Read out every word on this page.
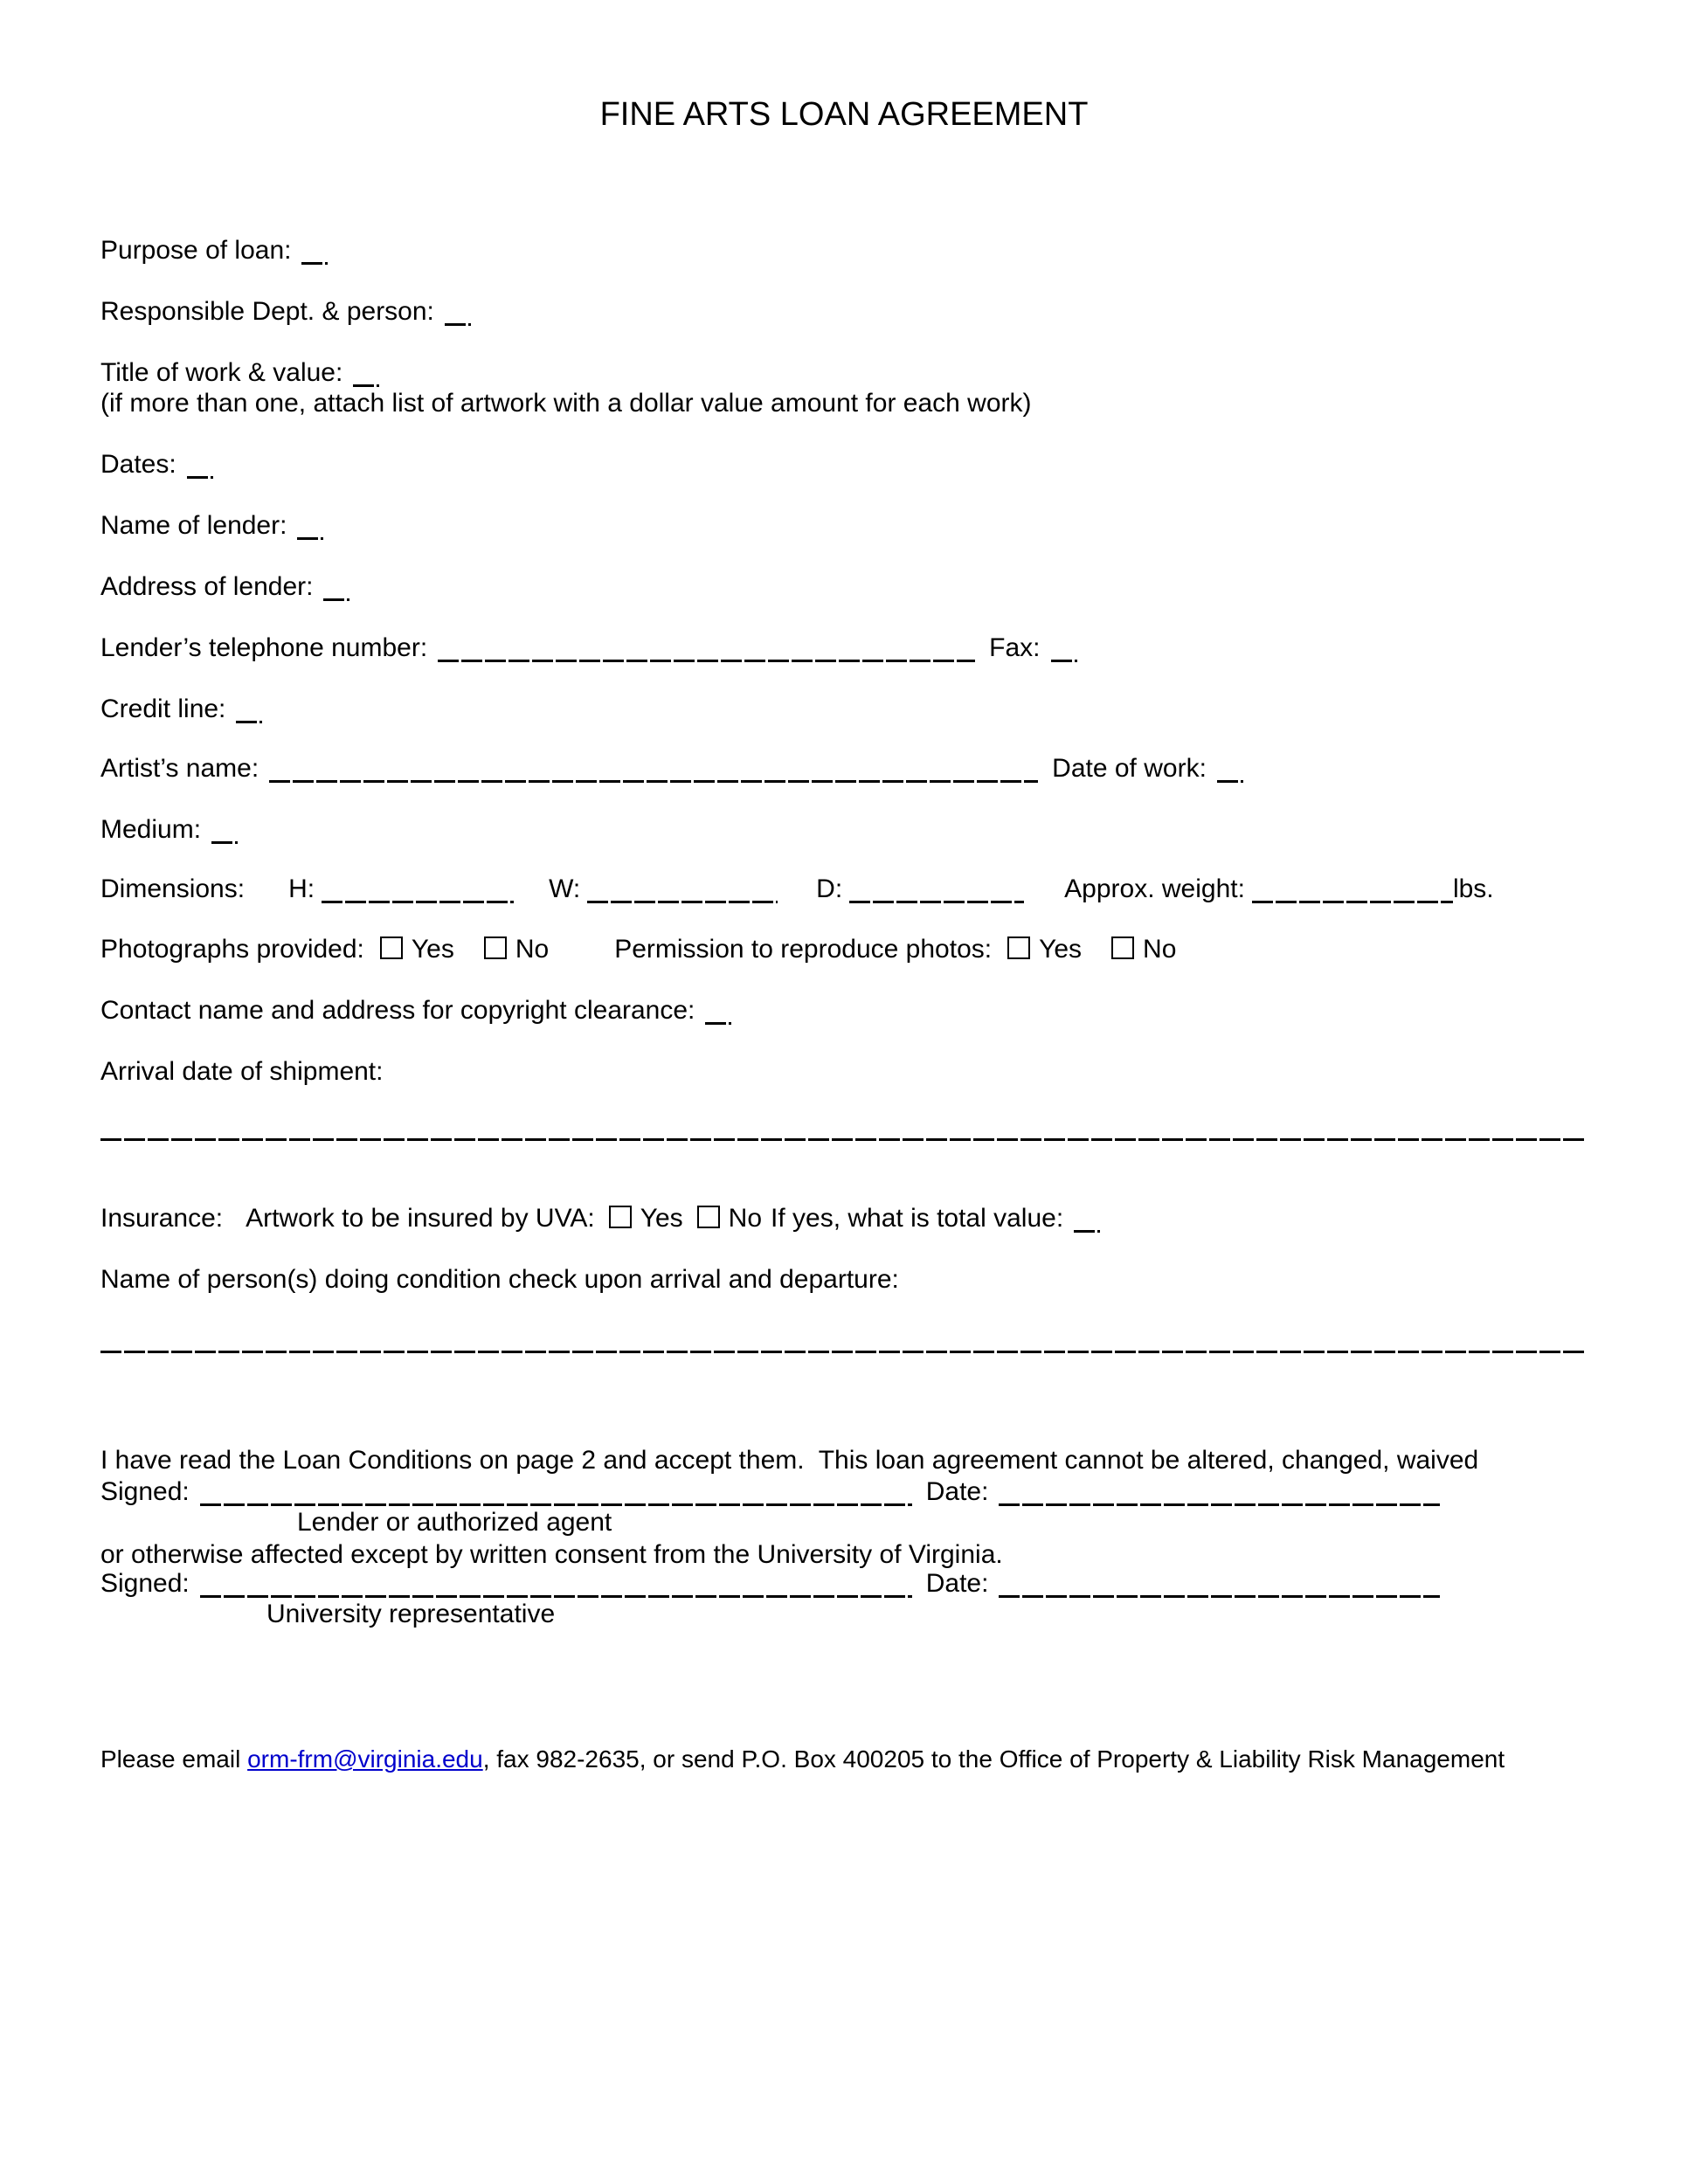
FINE ARTS LOAN AGREEMENT
Purpose of loan:
Responsible Dept. & person:
Title of work & value:
(if more than one, attach list of artwork with a dollar value amount for each work)
Dates:
Name of lender:
Address of lender:
Lender’s telephone number:	Fax:
Credit line:
Artist’s name:	Date of work:
Medium:
Dimensions: H:	W:	D:	Approx. weight:	lbs.
Photographs provided: Yes No	Permission to reproduce photos: Yes No
Contact name and address for copyright clearance:
Arrival date of shipment:
Insurance: Artwork to be insured by UVA: Yes No If yes, what is total value:
Name of person(s) doing condition check upon arrival and departure:

I have read the Loan Conditions on page 2 and accept them.  This loan agreement cannot be altered, changed, waived

or otherwise affected except by written consent from the University of Virginia.

Signed:	Date:
Lender or authorized agent
Signed:	Date:
University representative
Please email orm-frm@virginia.edu , fax 982-2635, or send P.O. Box 400205 to the Office of Property & Liability Risk Management
